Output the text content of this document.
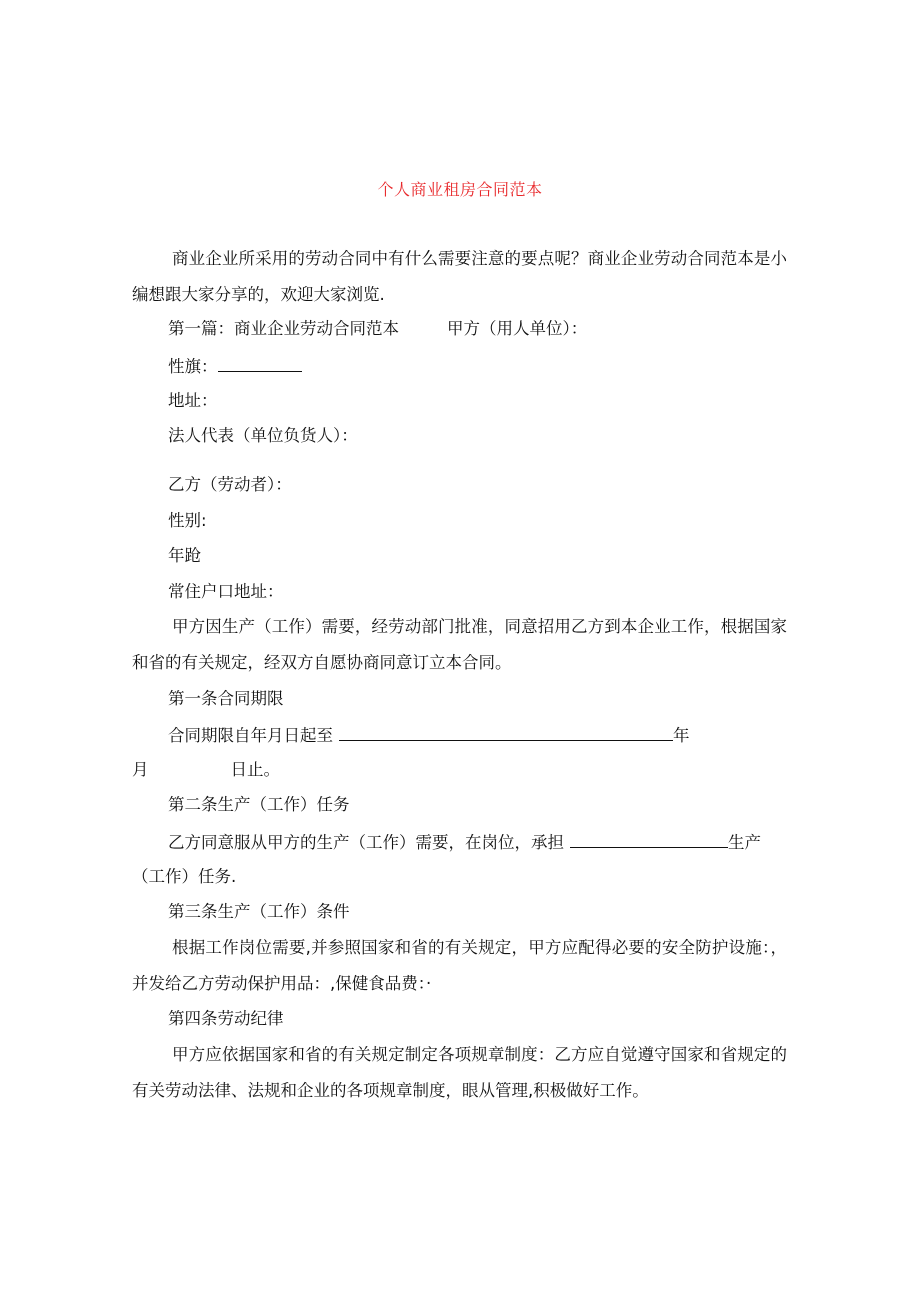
个人商业租房合同范本
商业企业所采用的劳动合同中有什么需要注意的要点呢？商业企业劳动合同范本是小编想跟大家分享的，欢迎大家浏览.
第一篇：商业企业劳动合同范本	甲方（用人单位）：
性旗：
地址：
法人代表（单位负货人）：
乙方（劳动者）：
性别:
年跄
常住户口地址：
甲方因生产（工作）需要，经劳动部门批准，同意招用乙方到本企业工作，根据国家和省的有关规定，经双方自愿协商同意订立本合同。
第一条合同期限
合同期限自年月日起至	年
月	日止。
第二条生产（工作）任务
乙方同意服从甲方的生产（工作）需要，在岗位，承担	生产
（工作）任务.
第三条生产（工作）条件
根据工作岗位需要,并参照国家和省的有关规定，甲方应配得必要的安全防护设施：，并发给乙方劳动保护用品：,保健食品费：·
第四条劳动纪律
甲方应依据国家和省的有关规定制定各项规章制度：乙方应自觉遵守国家和省规定的有关劳动法律、法规和企业的各项规章制度，眼从管理,积极做好工作。
